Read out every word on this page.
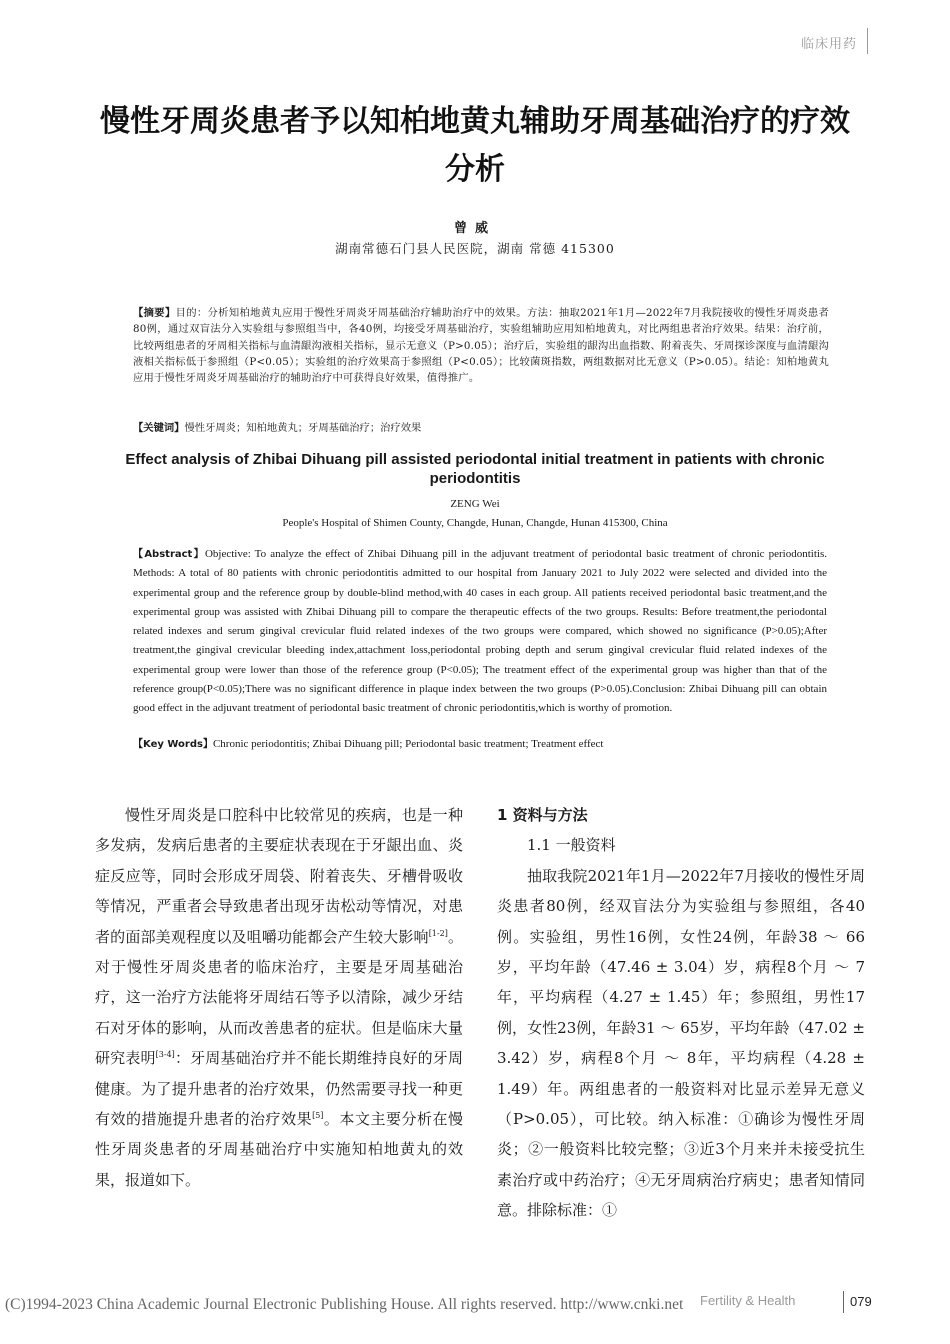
临床用药
慢性牙周炎患者予以知柏地黄丸辅助牙周基础治疗的疗效分析
曾威
湖南常德石门县人民医院，湖南 常德 415300
【摘要】目的：分析知柏地黄丸应用于慢性牙周炎牙周基础治疗辅助治疗中的效果。方法：抽取2021年1月—2022年7月我院接收的慢性牙周炎患者80例，通过双盲法分入实验组与参照组当中，各40例，均接受牙周基础治疗，实验组辅助应用知柏地黄丸，对比两组患者治疗效果。结果：治疗前，比较两组患者的牙周相关指标与血清龈沟液相关指标，显示无意义（P>0.05）；治疗后，实验组的龈沟出血指数、附着丧失、牙周探诊深度与血清龈沟液相关指标低于参照组（P<0.05）；实验组的治疗效果高于参照组（P<0.05）；比较菌斑指数，两组数据对比无意义（P>0.05）。结论：知柏地黄丸应用于慢性牙周炎牙周基础治疗的辅助治疗中可获得良好效果，值得推广。
【关键词】慢性牙周炎；知柏地黄丸；牙周基础治疗；治疗效果
Effect analysis of Zhibai Dihuang pill assisted periodontal initial treatment in patients with chronic periodontitis
ZENG Wei
People's Hospital of Shimen County, Changde, Hunan, Changde, Hunan 415300, China
【Abstract】Objective: To analyze the effect of Zhibai Dihuang pill in the adjuvant treatment of periodontal basic treatment of chronic periodontitis. Methods: A total of 80 patients with chronic periodontitis admitted to our hospital from January 2021 to July 2022 were selected and divided into the experimental group and the reference group by double-blind method,with 40 cases in each group. All patients received periodontal basic treatment,and the experimental group was assisted with Zhibai Dihuang pill to compare the therapeutic effects of the two groups. Results: Before treatment,the periodontal related indexes and serum gingival crevicular fluid related indexes of the two groups were compared, which showed no significance (P>0.05);After treatment,the gingival crevicular bleeding index,attachment loss,periodontal probing depth and serum gingival crevicular fluid related indexes of the experimental group were lower than those of the reference group (P<0.05); The treatment effect of the experimental group was higher than that of the reference group(P<0.05);There was no significant difference in plaque index between the two groups (P>0.05).Conclusion: Zhibai Dihuang pill can obtain good effect in the adjuvant treatment of periodontal basic treatment of chronic periodontitis,which is worthy of promotion.
【Key Words】Chronic periodontitis; Zhibai Dihuang pill; Periodontal basic treatment; Treatment effect

慢性牙周炎是口腔科中比较常见的疾病，也是一种多发病，发病后患者的主要症状表现在于牙龈出血、炎症反应等，同时会形成牙周袋、附着丧失、牙槽骨吸收等情况，严重者会导致患者出现牙齿松动等情况，对患者的面部美观程度以及咀嚼功能都会产生较大影响[1-2]。对于慢性牙周炎患者的临床治疗，主要是牙周基础治疗，这一治疗方法能将牙周结石等予以清除，减少牙结石对牙体的影响，从而改善患者的症状。但是临床大量研究表明[3-4]：牙周基础治疗并不能长期维持良好的牙周健康。为了提升患者的治疗效果，仍然需要寻找一种更有效的措施提升患者的治疗效果[5]。本文主要分析在慢性牙周炎患者的牙周基础治疗中实施知柏地黄丸的效果，报道如下。

1 资料与方法

1.1 一般资料

抽取我院2021年1月—2022年7月接收的慢性牙周炎患者80例，经双盲法分为实验组与参照组，各40例。实验组，男性16例，女性24例，年龄38 ～ 66岁，平均年龄（47.46 ± 3.04）岁，病程8个月 ～ 7年，平均病程（4.27 ± 1.45）年；参照组，男性17例，女性23例，年龄31 ～ 65岁，平均年龄（47.02 ± 3.42）岁，病程8个月 ～ 8年，平均病程（4.28 ± 1.49）年。两组患者的一般资料对比显示差异无意义（P>0.05），可比较。纳入标准：①确诊为慢性牙周炎；②一般资料比较完整；③近3个月来并未接受抗生素治疗或中药治疗；④无牙周病治疗病史；患者知情同意。排除标准：①

(C)1994-2023 China Academic Journal Electronic Publishing House. All rights reserved. http://www.cnki.net Fertility & Health	079
